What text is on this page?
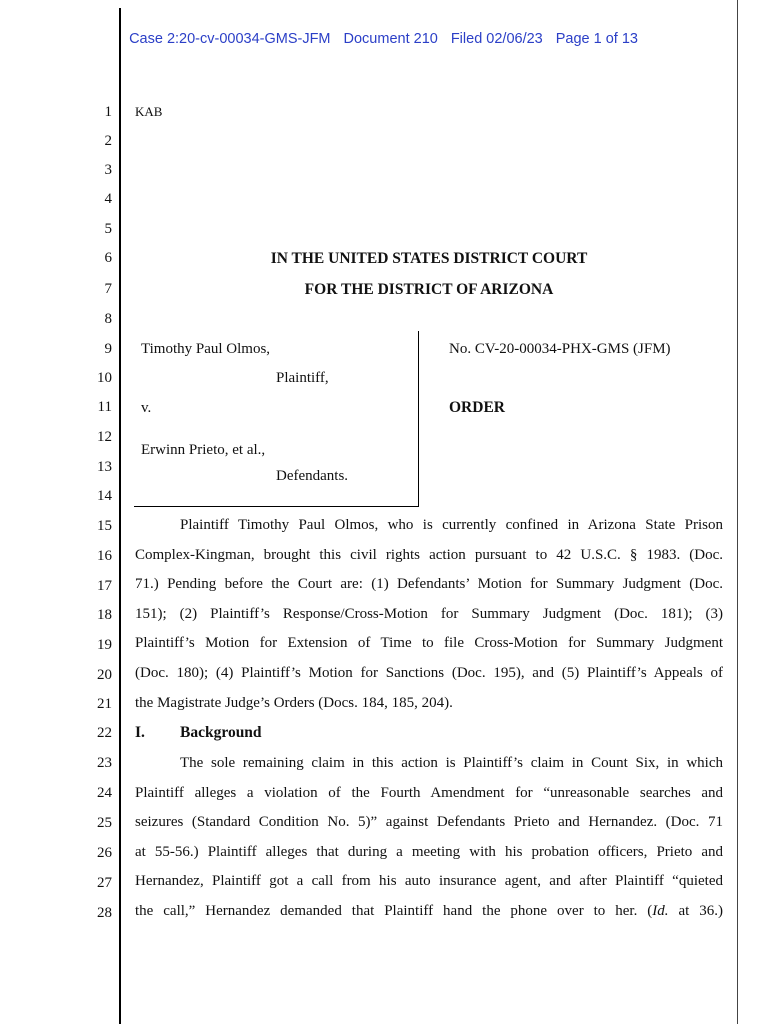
Case 2:20-cv-00034-GMS-JFM Document 210 Filed 02/06/23 Page 1 of 13

1
2
3
4
5
6
7
8
9
10
11
12
13
14
15
16
17
18
19
20
21
22
23
24
25
26
27
28
KAB
IN THE UNITED STATES DISTRICT COURT
FOR THE DISTRICT OF ARIZONA
Timothy Paul Olmos,
Plaintiff,
v.
Erwinn Prieto, et al.,
Defendants.
No. CV-20-00034-PHX-GMS (JFM)
ORDER
Plaintiff Timothy Paul Olmos, who is currently confined in Arizona State Prison
Complex-Kingman, brought this civil rights action pursuant to 42 U.S.C. § 1983. (Doc.
71.) Pending before the Court are: (1) Defendants’ Motion for Summary Judgment (Doc.
151); (2) Plaintiff’s Response/Cross-Motion for Summary Judgment (Doc. 181); (3)
Plaintiff’s Motion for Extension of Time to file Cross-Motion for Summary Judgment
(Doc. 180); (4) Plaintiff’s Motion for Sanctions (Doc. 195), and (5) Plaintiff’s Appeals of
the Magistrate Judge’s Orders (Docs. 184, 185, 204).
I. Background
The sole remaining claim in this action is Plaintiff’s claim in Count Six, in which
Plaintiff alleges a violation of the Fourth Amendment for “unreasonable searches and
seizures (Standard Condition No. 5)” against Defendants Prieto and Hernandez. (Doc. 71
at 55-56.) Plaintiff alleges that during a meeting with his probation officers, Prieto and
Hernandez, Plaintiff got a call from his auto insurance agent, and after Plaintiff “quieted
the call,” Hernandez demanded that Plaintiff hand the phone over to her. (Id. at 36.)
